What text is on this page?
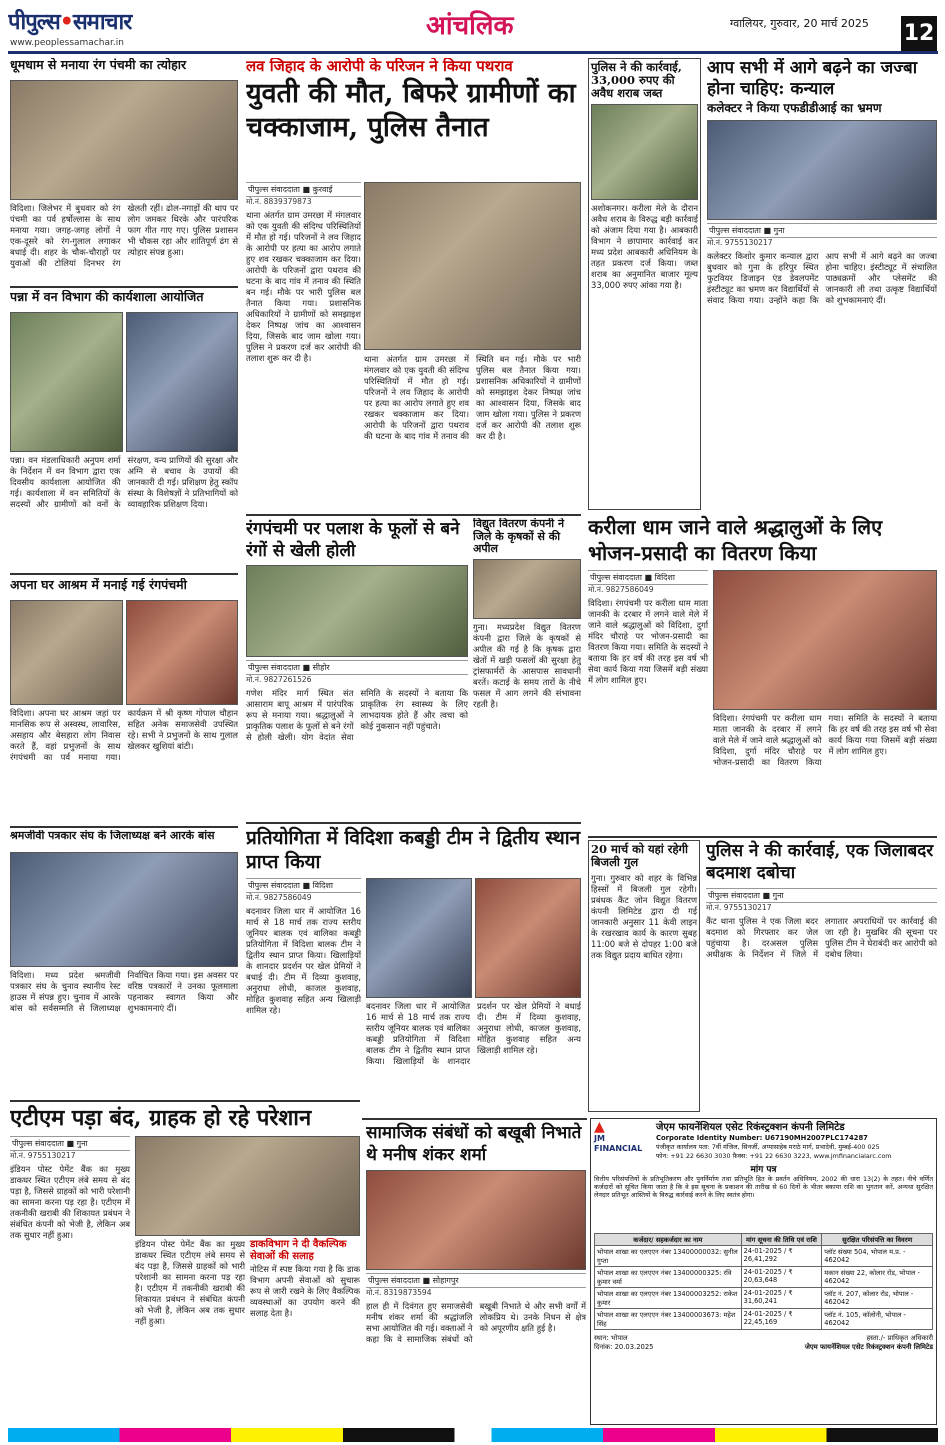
पीपुल्स•समाचार
www.peoplessamachar.in
आंचलिक	ग्वालियर, गुरुवार, 20 मार्च 2025 12
धूमधाम से मनाया रंग पंचमी का त्योहार
विदिशा। जिलेभर में बुधवार को रंग पंचमी का पर्व हर्षोल्लास के साथ मनाया गया। जगह-जगह लोगों ने एक-दूसरे को रंग-गुलाल लगाकर बधाई दी। शहर के चौक-चौराहों पर युवाओं की टोलियां दिनभर रंग खेलती रहीं। ढोल-नगाड़ों की थाप पर लोग जमकर थिरके और पारंपरिक फाग गीत गाए गए। पुलिस प्रशासन भी चौकस रहा और शांतिपूर्ण ढंग से त्योहार संपन्न हुआ।
पन्ना में वन विभाग की कार्यशाला आयोजित
पन्ना। वन मंडलाधिकारी अनुपम शर्मा के निर्देशन में वन विभाग द्वारा एक दिवसीय कार्यशाला आयोजित की गई। कार्यशाला में वन समितियों के सदस्यों और ग्रामीणों को वनों के संरक्षण, वन्य प्राणियों की सुरक्षा और अग्नि से बचाव के उपायों की जानकारी दी गई। प्रशिक्षण हेतु स्कॉप संस्था के विशेषज्ञों ने प्रतिभागियों को व्यावहारिक प्रशिक्षण दिया।
अपना घर आश्रम में मनाई गई रंगपंचमी
विदिशा। अपना घर आश्रम जहां पर मानसिक रूप से अस्वस्थ, लावारिस, असहाय और बेसहारा लोग निवास करते हैं, वहां प्रभुजनों के साथ रंगपंचमी का पर्व मनाया गया। कार्यक्रम में श्री कृष्ण गोपाल चौहान सहित अनेक समाजसेवी उपस्थित रहे। सभी ने प्रभुजनों के साथ गुलाल खेलकर खुशियां बांटी।
श्रमजीवी पत्रकार संघ के जिलाध्यक्ष बने आरके बांस
विदिशा। मध्य प्रदेश श्रमजीवी पत्रकार संघ के चुनाव स्थानीय रेस्ट हाउस में संपन्न हुए। चुनाव में आरके बांस को सर्वसम्मति से जिलाध्यक्ष निर्वाचित किया गया। इस अवसर पर वरिष्ठ पत्रकारों ने उनका फूलमाला पहनाकर स्वागत किया और शुभकामनाएं दीं।
लव जिहाद के आरोपी के परिजन ने किया पथराव
युवती की मौत, बिफरे ग्रामीणों का चक्काजाम, पुलिस तैनात
पीपुल्स संवाददाता ■ कुरवाई
मो.नं. 8839379873
थाना अंतर्गत ग्राम उमरछा में मंगलवार को एक युवती की संदिग्ध परिस्थितियों में मौत हो गई। परिजनों ने लव जिहाद के आरोपी पर हत्या का आरोप लगाते हुए शव रखकर चक्काजाम कर दिया। आरोपी के परिजनों द्वारा पथराव की घटना के बाद गांव में तनाव की स्थिति बन गई। मौके पर भारी पुलिस बल तैनात किया गया। प्रशासनिक अधिकारियों ने ग्रामीणों को समझाइश देकर निष्पक्ष जांच का आश्वासन दिया, जिसके बाद जाम खोला गया। पुलिस ने प्रकरण दर्ज कर आरोपी की तलाश शुरू कर दी है।	थाना अंतर्गत ग्राम उमरछा में मंगलवार को एक युवती की संदिग्ध परिस्थितियों में मौत हो गई। परिजनों ने लव जिहाद के आरोपी पर हत्या का आरोप लगाते हुए शव रखकर चक्काजाम कर दिया। आरोपी के परिजनों द्वारा पथराव की घटना के बाद गांव में तनाव की स्थिति बन गई। मौके पर भारी पुलिस बल तैनात किया गया। प्रशासनिक अधिकारियों ने ग्रामीणों को समझाइश देकर निष्पक्ष जांच का आश्वासन दिया, जिसके बाद जाम खोला गया। पुलिस ने प्रकरण दर्ज कर आरोपी की तलाश शुरू कर दी है।
पुलिस ने की कार्रवाई, 33,000 रुपए की अवैध शराब जब्त
अशोकनगर। करीला मेले के दौरान अवैध शराब के विरुद्ध बड़ी कार्रवाई को अंजाम दिया गया है। आबकारी विभाग ने छापामार कार्रवाई कर मध्य प्रदेश आबकारी अधिनियम के तहत प्रकरण दर्ज किया। जब्त शराब का अनुमानित बाजार मूल्य 33,000 रुपए आंका गया है।
आप सभी में आगे बढ़ने का जज्बा होना चाहिए: कन्याल
कलेक्टर ने किया एफडीडीआई का भ्रमण
पीपुल्स संवाददाता ■ गुना
मो.नं. 9755130217
कलेक्टर किशोर कुमार कन्याल द्वारा बुधवार को गुना के हरिपुर स्थित फुटवियर डिजाइन एंड डेवलपमेंट इंस्टीट्यूट का भ्रमण कर विद्यार्थियों से संवाद किया गया। उन्होंने कहा कि आप सभी में आगे बढ़ने का जज्बा होना चाहिए। इंस्टीट्यूट में संचालित पाठ्यक्रमों और प्लेसमेंट की जानकारी ली तथा उत्कृष्ट विद्यार्थियों को शुभकामनाएं दीं।
रंगपंचमी पर पलाश के फूलों से बने रंगों से खेली होली
पीपुल्स संवाददाता ■ सीहोर
मो.नं. 9827261526
गणेश मंदिर मार्ग स्थित संत आसाराम बापू आश्रम में पारंपरिक रूप से मनाया गया। श्रद्धालुओं ने प्राकृतिक पलाश के फूलों से बने रंगों से होली खेली। योग वेदांत सेवा समिति के सदस्यों ने बताया कि प्राकृतिक रंग स्वास्थ्य के लिए लाभदायक होते हैं और त्वचा को कोई नुकसान नहीं पहुंचाते।
विद्युत वितरण कंपनी ने जिले के कृषकों से की अपील
गुना। मध्यप्रदेश विद्युत वितरण कंपनी द्वारा जिले के कृषकों से अपील की गई है कि कृषक द्वारा खेतों में खड़ी फसलों की सुरक्षा हेतु ट्रांसफार्मरों के आसपास सावधानी बरतें। कटाई के समय तारों के नीचे फसल में आग लगने की संभावना रहती है।
करीला धाम जाने वाले श्रद्धालुओं के लिए भोजन-प्रसादी का वितरण किया
पीपुल्स संवाददाता ■ विदिशा
मो.नं. 9827586049
विदिशा। रंगपंचमी पर करीला धाम माता जानकी के दरबार में लगने वाले मेले में जाने वाले श्रद्धालुओं को विदिशा, दुर्गा मंदिर चौराहे पर भोजन-प्रसादी का वितरण किया गया। समिति के सदस्यों ने बताया कि हर वर्ष की तरह इस वर्ष भी सेवा कार्य किया गया जिसमें बड़ी संख्या में लोग शामिल हुए।
विदिशा। रंगपंचमी पर करीला धाम माता जानकी के दरबार में लगने वाले मेले में जाने वाले श्रद्धालुओं को विदिशा, दुर्गा मंदिर चौराहे पर भोजन-प्रसादी का वितरण किया गया। समिति के सदस्यों ने बताया कि हर वर्ष की तरह इस वर्ष भी सेवा कार्य किया गया जिसमें बड़ी संख्या में लोग शामिल हुए।
20 मार्च को यहां रहेगी बिजली गुल
गुना। गुरुवार को शहर के विभिन्न हिस्सों में बिजली गुल रहेगी। प्रबंधक कैंट जोन विद्युत वितरण कंपनी लिमिटेड द्वारा दी गई जानकारी अनुसार 11 केवी लाइन के रखरखाव कार्य के कारण सुबह 11:00 बजे से दोपहर 1:00 बजे तक विद्युत प्रदाय बाधित रहेगा।
पुलिस ने की कार्रवाई, एक जिलाबदर बदमाश दबोचा
पीपुल्स संवाददाता ■ गुना
मो.नं. 9755130217
कैंट थाना पुलिस ने एक जिला बदर बदमाश को गिरफ्तार कर जेल पहुंचाया है। दरअसल पुलिस अधीक्षक के निर्देशन में जिले में लगातार अपराधियों पर कार्रवाई की जा रही है। मुखबिर की सूचना पर पुलिस टीम ने घेराबंदी कर आरोपी को दबोच लिया।
प्रतियोगिता में विदिशा कबड्डी टीम ने द्वितीय स्थान प्राप्त किया
पीपुल्स संवाददाता ■ विदिशा
मो.नं. 9827586049
बदनावर जिला धार में आयोजित 16 मार्च से 18 मार्च तक राज्य स्तरीय जूनियर बालक एवं बालिका कबड्डी प्रतियोगिता में विदिशा बालक टीम ने द्वितीय स्थान प्राप्त किया। खिलाड़ियों के शानदार प्रदर्शन पर खेल प्रेमियों ने बधाई दी। टीम में दिव्या कुशवाह, अनुराधा लोधी, काजल कुशवाह, मोहित कुशवाह सहित अन्य खिलाड़ी शामिल रहे।	बदनावर जिला धार में आयोजित 16 मार्च से 18 मार्च तक राज्य स्तरीय जूनियर बालक एवं बालिका कबड्डी प्रतियोगिता में विदिशा बालक टीम ने द्वितीय स्थान प्राप्त किया। खिलाड़ियों के शानदार प्रदर्शन पर खेल प्रेमियों ने बधाई दी। टीम में दिव्या कुशवाह, अनुराधा लोधी, काजल कुशवाह, मोहित कुशवाह सहित अन्य खिलाड़ी शामिल रहे।
एटीएम पड़ा बंद, ग्राहक हो रहे परेशान
पीपुल्स संवाददाता ■ गुना
मो.नं. 9755130217
इंडियन पोस्ट पेमेंट बैंक का मुख्य डाकघर स्थित एटीएम लंबे समय से बंद पड़ा है, जिससे ग्राहकों को भारी परेशानी का सामना करना पड़ रहा है। एटीएम में तकनीकी खराबी की शिकायत प्रबंधन ने संबंधित कंपनी को भेजी है, लेकिन अब तक सुधार नहीं हुआ।
इंडियन पोस्ट पेमेंट बैंक का मुख्य डाकघर स्थित एटीएम लंबे समय से बंद पड़ा है, जिससे ग्राहकों को भारी परेशानी का सामना करना पड़ रहा है। एटीएम में तकनीकी खराबी की शिकायत प्रबंधन ने संबंधित कंपनी को भेजी है, लेकिन अब तक सुधार नहीं हुआ।
डाकविभाग ने दी वैकल्पिक सेवाओं की सलाह
नोटिस में स्पष्ट किया गया है कि डाक विभाग अपनी सेवाओं को सुचारू रूप से जारी रखने के लिए वैकल्पिक व्यवस्थाओं का उपयोग करने की सलाह देता है।
सामाजिक संबंधों को बखूबी निभाते थे मनीष शंकर शर्मा
पीपुल्स संवाददाता ■ सोहागपुर
मो.नं. 8319873594
हाल ही में दिवंगत हुए समाजसेवी मनीष शंकर शर्मा की श्रद्धांजलि सभा आयोजित की गई। वक्ताओं ने कहा कि वे सामाजिक संबंधों को बखूबी निभाते थे और सभी वर्गों में लोकप्रिय थे। उनके निधन से क्षेत्र को अपूरणीय क्षति हुई है।
▲
JM FINANCIAL
जेएम फायनेंशियल एसेट रिकंस्ट्रक्शन कंपनी लिमिटेड
Corporate Identity Number: U67190MH2007PLC174287
पंजीकृत कार्यालय पता: 7वीं मंजिल, सिनर्जी, अप्पासाहेब मराठे मार्ग, प्रभादेवी, मुम्बई-400 025
फोन: +91 22 6630 3030 फ़ैक्स: +91 22 6630 3223, www.jmfinancialarc.com
मांग पत्र
वित्तीय परिसंपत्तियों के प्रतिभूतिकरण और पुनर्निर्माण तथा प्रतिभूति हित के प्रवर्तन अधिनियम, 2002 की धारा 13(2) के तहत। नीचे वर्णित कर्जदारों को सूचित किया जाता है कि वे इस सूचना के प्रकाशन की तारीख से 60 दिनों के भीतर बकाया राशि का भुगतान करें, अन्यथा सुरक्षित लेनदार प्रतिभूत आस्तियों के विरुद्ध कार्रवाई करने के लिए स्वतंत्र होगा।
कर्जदार/ सहकर्जदार का नाम	मांग सूचना की तिथि एवं राशि	सुरक्षित परिसंपत्ति का विवरण
भोपाल शाखा का एलएएन नंबर 13400000032: सुनील गुप्ता	24-01-2025 / ₹ 26,41,292	प्लॉट संख्या 504, भोपाल म.प्र. - 462042
भोपाल शाखा का एलएएन नंबर 13400000325: रवि कुमार वर्मा	24-01-2025 / ₹ 20,63,648	मकान संख्या 22, कोलार रोड, भोपाल - 462042
भोपाल शाखा का एलएएन नंबर 13400003252: राकेश कुमार	24-01-2025 / ₹ 31,60,241	प्लॉट नं. 207, कोलार रोड, भोपाल - 462042
भोपाल शाखा का एलएएन नंबर 13400003673: महेश सिंह	24-01-2025 / ₹ 22,45,169	प्लॉट नं. 105, कॉलोनी, भोपाल - 462042
स्थान: भोपाल
दिनांक: 20.03.2025
हस्ता./- प्राधिकृत अधिकारी
जेएम फायनेंशियल एसेट रिकंस्ट्रक्शन कंपनी लिमिटेड
